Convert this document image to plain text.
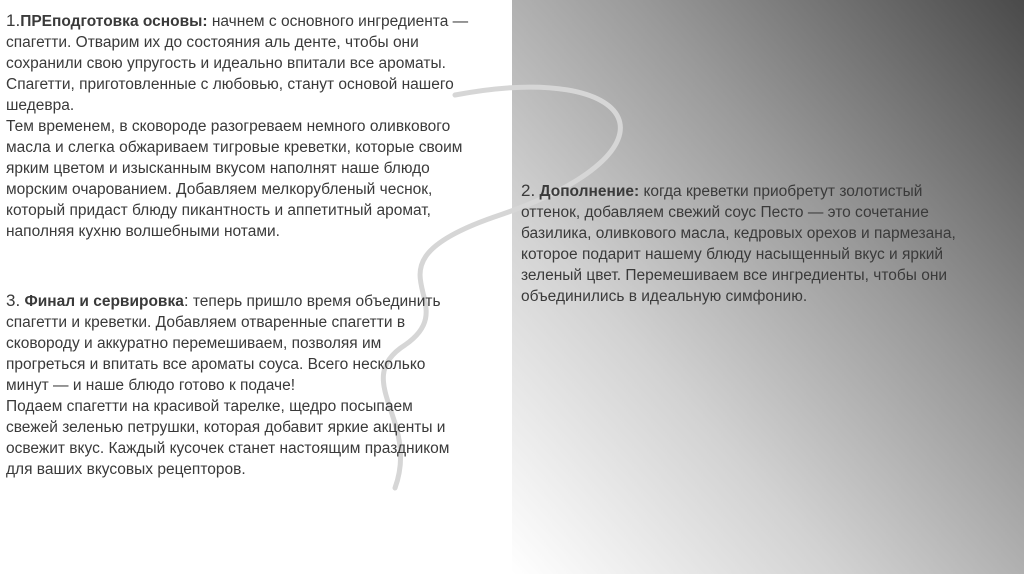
1.ПРЕподготовка основы: начнем с основного ингредиента —

спагетти. Отварим их до состояния аль денте, чтобы они

сохранили свою упругость и идеально впитали все ароматы.

Спагетти, приготовленные с любовью, станут основой нашего

шедевра.

Тем временем, в сковороде разогреваем немного оливкового

масла и слегка обжариваем тигровые креветки, которые своим

ярким цветом и изысканным вкусом наполнят наше блюдо

морским очарованием. Добавляем мелкорубленый чеснок,

который придаст блюду пикантность и аппетитный аромат,

наполняя кухню волшебными нотами.

2. Дополнение: когда креветки приобретут золотистый

оттенок, добавляем свежий соус Песто — это сочетание

базилика, оливкового масла, кедровых орехов и пармезана,

которое подарит нашему блюду насыщенный вкус и яркий

зеленый цвет. Перемешиваем все ингредиенты, чтобы они

объединились в идеальную симфонию.

3. Финал и сервировка: теперь пришло время объединить

спагетти и креветки. Добавляем отваренные спагетти в

сковороду и аккуратно перемешиваем, позволяя им

прогреться и впитать все ароматы соуса. Всего несколько

минут — и наше блюдо готово к подаче!

Подаем спагетти на красивой тарелке, щедро посыпаем

свежей зеленью петрушки, которая добавит яркие акценты и

освежит вкус. Каждый кусочек станет настоящим праздником

для ваших вкусовых рецепторов.
